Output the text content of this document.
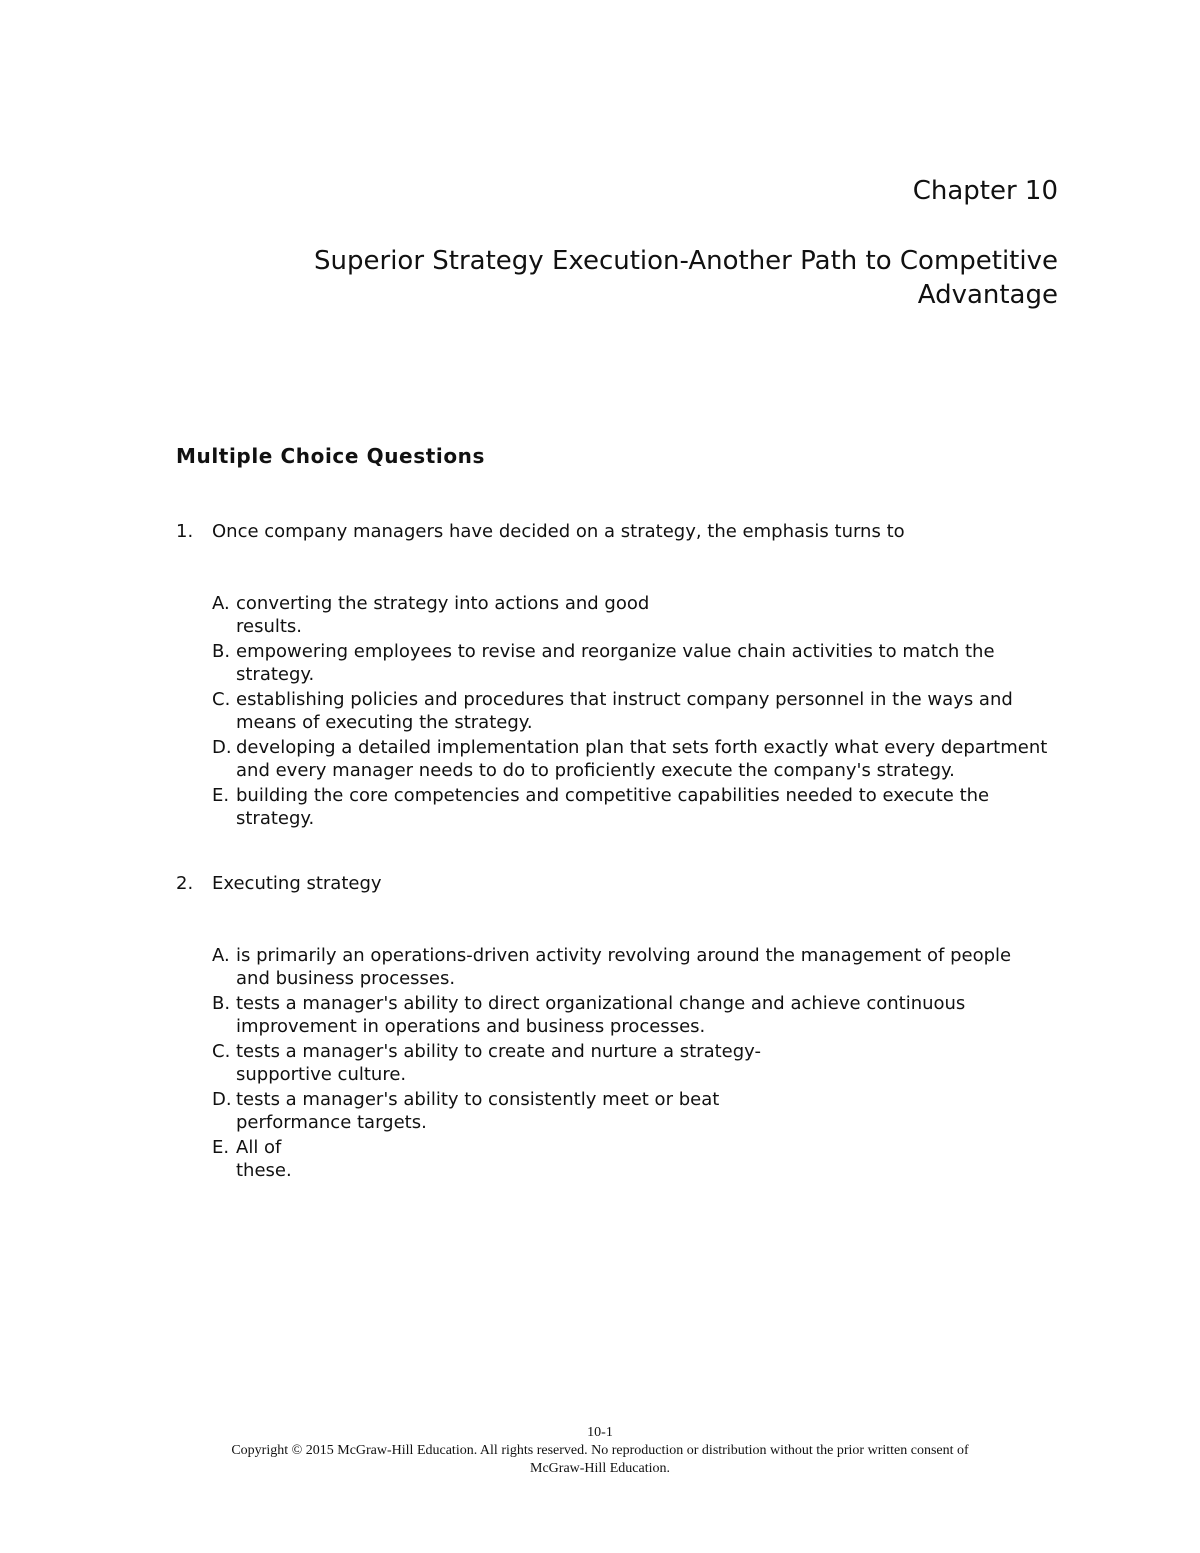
Chapter 10
Superior Strategy Execution-Another Path to Competitive Advantage
Multiple Choice Questions
1.	Once company managers have decided on a strategy, the emphasis turns to
A. converting the strategy into actions and good results.
B. empowering employees to revise and reorganize value chain activities to match the strategy.
C. establishing policies and procedures that instruct company personnel in the ways and means of executing the strategy.
D. developing a detailed implementation plan that sets forth exactly what every department and every manager needs to do to proficiently execute the company's strategy.
E. building the core competencies and competitive capabilities needed to execute the strategy.
2.	Executing strategy
A. is primarily an operations-driven activity revolving around the management of people and business processes.
B. tests a manager's ability to direct organizational change and achieve continuous improvement in operations and business processes.
C. tests a manager's ability to create and nurture a strategy-supportive culture.
D. tests a manager's ability to consistently meet or beat performance targets.
E. All of these.
10-1
Copyright © 2015 McGraw-Hill Education. All rights reserved. No reproduction or distribution without the prior written consent of
McGraw-Hill Education.
